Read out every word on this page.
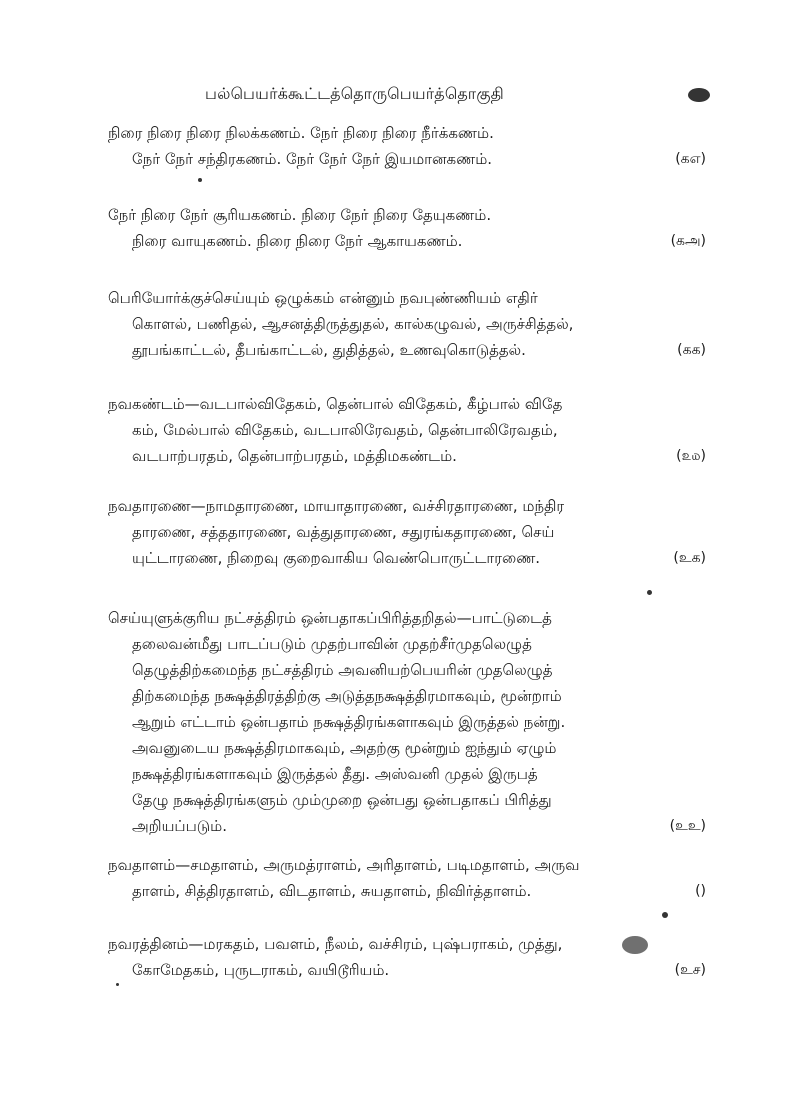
பல்பெயர்க்கூட்டத்தொருபெயர்த்தொகுதி
நிரை நிரை நிரை நிலக்கணம். நேர் நிரை நிரை நீர்க்கணம்.
நேர் நேர் சந்திரகணம். நேர் நேர் நேர் இயமானகணம்.	(கஎ)
நேர் நிரை நேர் சூரியகணம். நிரை நேர் நிரை தேயுகணம்.
நிரை வாயுகணம். நிரை நிரை நேர் ஆகாயகணம்.	(கஅ)
பெரியோர்க்குச்செய்யும் ஒழுக்கம் என்னும் நவபுண்ணியம் எதிர்
கொளல், பணிதல், ஆசனத்திருத்துதல், கால்கழுவல், அருச்சித்தல்,
தூபங்காட்டல், தீபங்காட்டல், துதித்தல், உணவுகொடுத்தல்.	(கக)
நவகண்டம்—வடபால்விதேகம், தென்பால் விதேகம், கீழ்பால் விதே
கம், மேல்பால் விதேகம், வடபாலிரேவதம், தென்பாலிரேவதம்,
வடபாற்பரதம், தென்பாற்பரதம், மத்திமகண்டம்.	(௨௰)
நவதாரணை—நாமதாரணை, மாயாதாரணை, வச்சிரதாரணை, மந்திர
தாரணை, சத்ததாரணை, வத்துதாரணை, சதுரங்கதாரணை, செய்
யுட்டாரணை, நிறைவு குறைவாகிய வெண்பொருட்டாரணை.	(உக)
செய்யுளுக்குரிய நட்சத்திரம் ஒன்பதாகப்பிரித்தறிதல்—பாட்டுடைத்
தலைவன்மீது பாடப்படும் முதற்பாவின் முதற்சீர்முதலெழுத்
தெழுத்திற்கமைந்த நட்சத்திரம் அவனியற்பெயரின் முதலெழுத்
திற்கமைந்த நக்ஷத்திரத்திற்கு அடுத்தநக்ஷத்திரமாகவும், மூன்றாம்
ஆறும் எட்டாம் ஒன்பதாம் நக்ஷத்திரங்களாகவும் இருத்தல் நன்று.
அவனுடைய நக்ஷத்திரமாகவும், அதற்கு மூன்றும் ஐந்தும் ஏழும்
நக்ஷத்திரங்களாகவும் இருத்தல் தீது. அஸ்வனி முதல் இருபத்
தேழு நக்ஷத்திரங்களும் மும்முறை ஒன்பது ஒன்பதாகப் பிரித்து
அறியப்படும்.	(உஉ)
நவதாளம்—சமதாளம், அருமத்ராளம், அரிதாளம், படிமதாளம், அருவ
தாளம், சித்திரதாளம், விடதாளம், சுயதாளம், நிவிர்த்தாளம்.	()
நவரத்தினம்—மரகதம், பவளம், நீலம், வச்சிரம், புஷ்பராகம், முத்து,
கோமேதகம், புருடராகம், வயிடூரியம்.	(உச)
